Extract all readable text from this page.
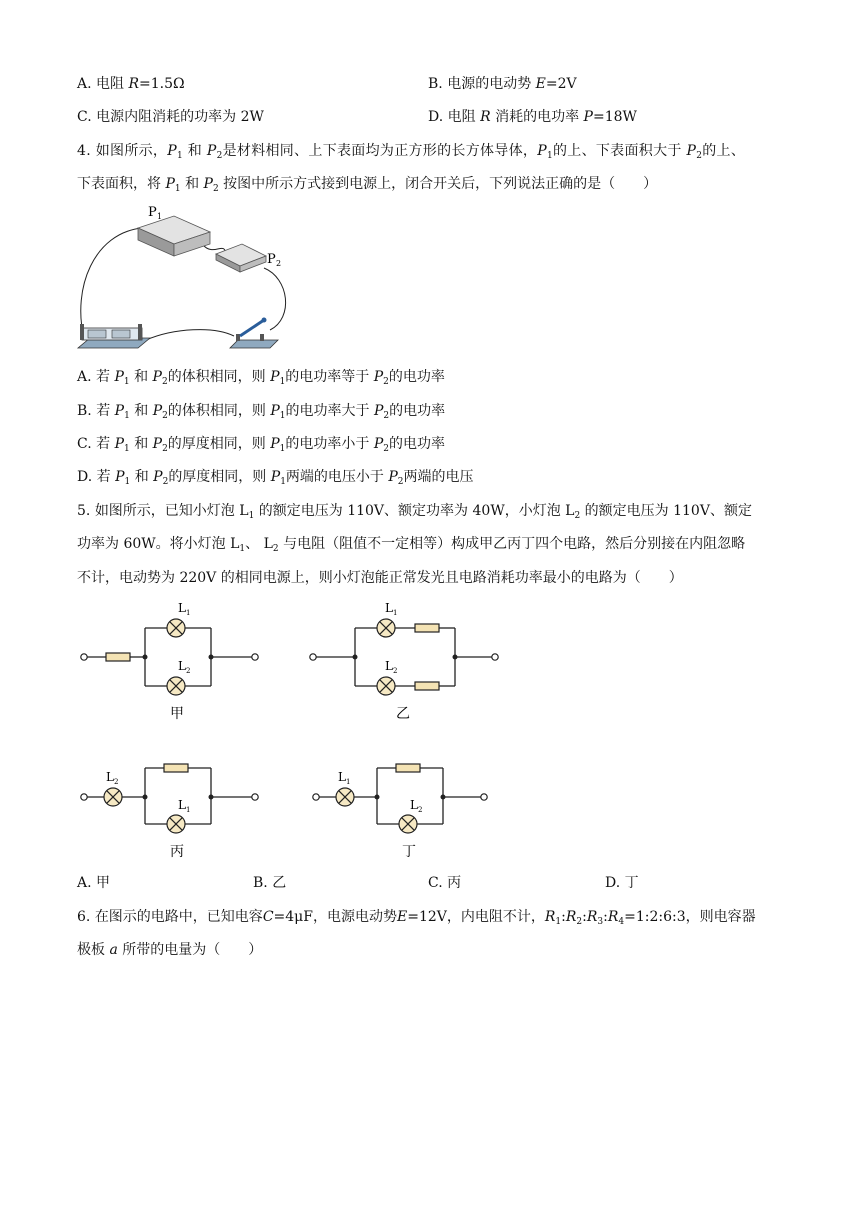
A. 电阻 R=1.5Ω	B. 电源的电动势 E=2V
C. 电源内阻消耗的功率为 2W	D. 电阻 R 消耗的电功率 P=18W
4. 如图所示，$P_1$ 和 $P_2$是材料相同、上下表面均为正方形的长方体导体，$P_1$的上、下表面积大于 $P_2$的上、
下表面积，将 $P_1$ 和 $P_2$ 按图中所示方式接到电源上，闭合开关后，下列说法正确的是（　　）
P 1
P 2
A. 若 $P_1$ 和 $P_2$的体积相同，则 $P_1$的电功率等于 $P_2$的电功率
B. 若 $P_1$ 和 $P_2$的体积相同，则 $P_1$的电功率大于 $P_2$的电功率
C. 若 $P_1$ 和 $P_2$的厚度相同，则 $P_1$的电功率小于 $P_2$的电功率
D. 若 $P_1$ 和 $P_2$的厚度相同，则 $P_1$两端的电压小于 $P_2$两端的电压
5. 如图所示，已知小灯泡 $L_1$ 的额定电压为 110V、额定功率为 40W，小灯泡 $L_2$ 的额定电压为 110V、额定
功率为 60W。将小灯泡 $L_1$、 $L_2$ 与电阻（阻值不一定相等）构成甲乙丙丁四个电路，然后分别接在内阻忽略
不计，电动势为 220V 的相同电源上，则小灯泡能正常发光且电路消耗功率最小的电路为（　　）
L 1
L 2
甲
L 1
L 2
乙
L 2
L 1
丙
L 1
L 2
丁
A. 甲	B. 乙	C. 丙	D. 丁
6. 在图示的电路中，已知电容C=4μF，电源电动势E=12V，内电阻不计，$R_1:R_2:R_3:R_4=1:2:6:3$，则电容器
极板 a 所带的电量为（　　）
